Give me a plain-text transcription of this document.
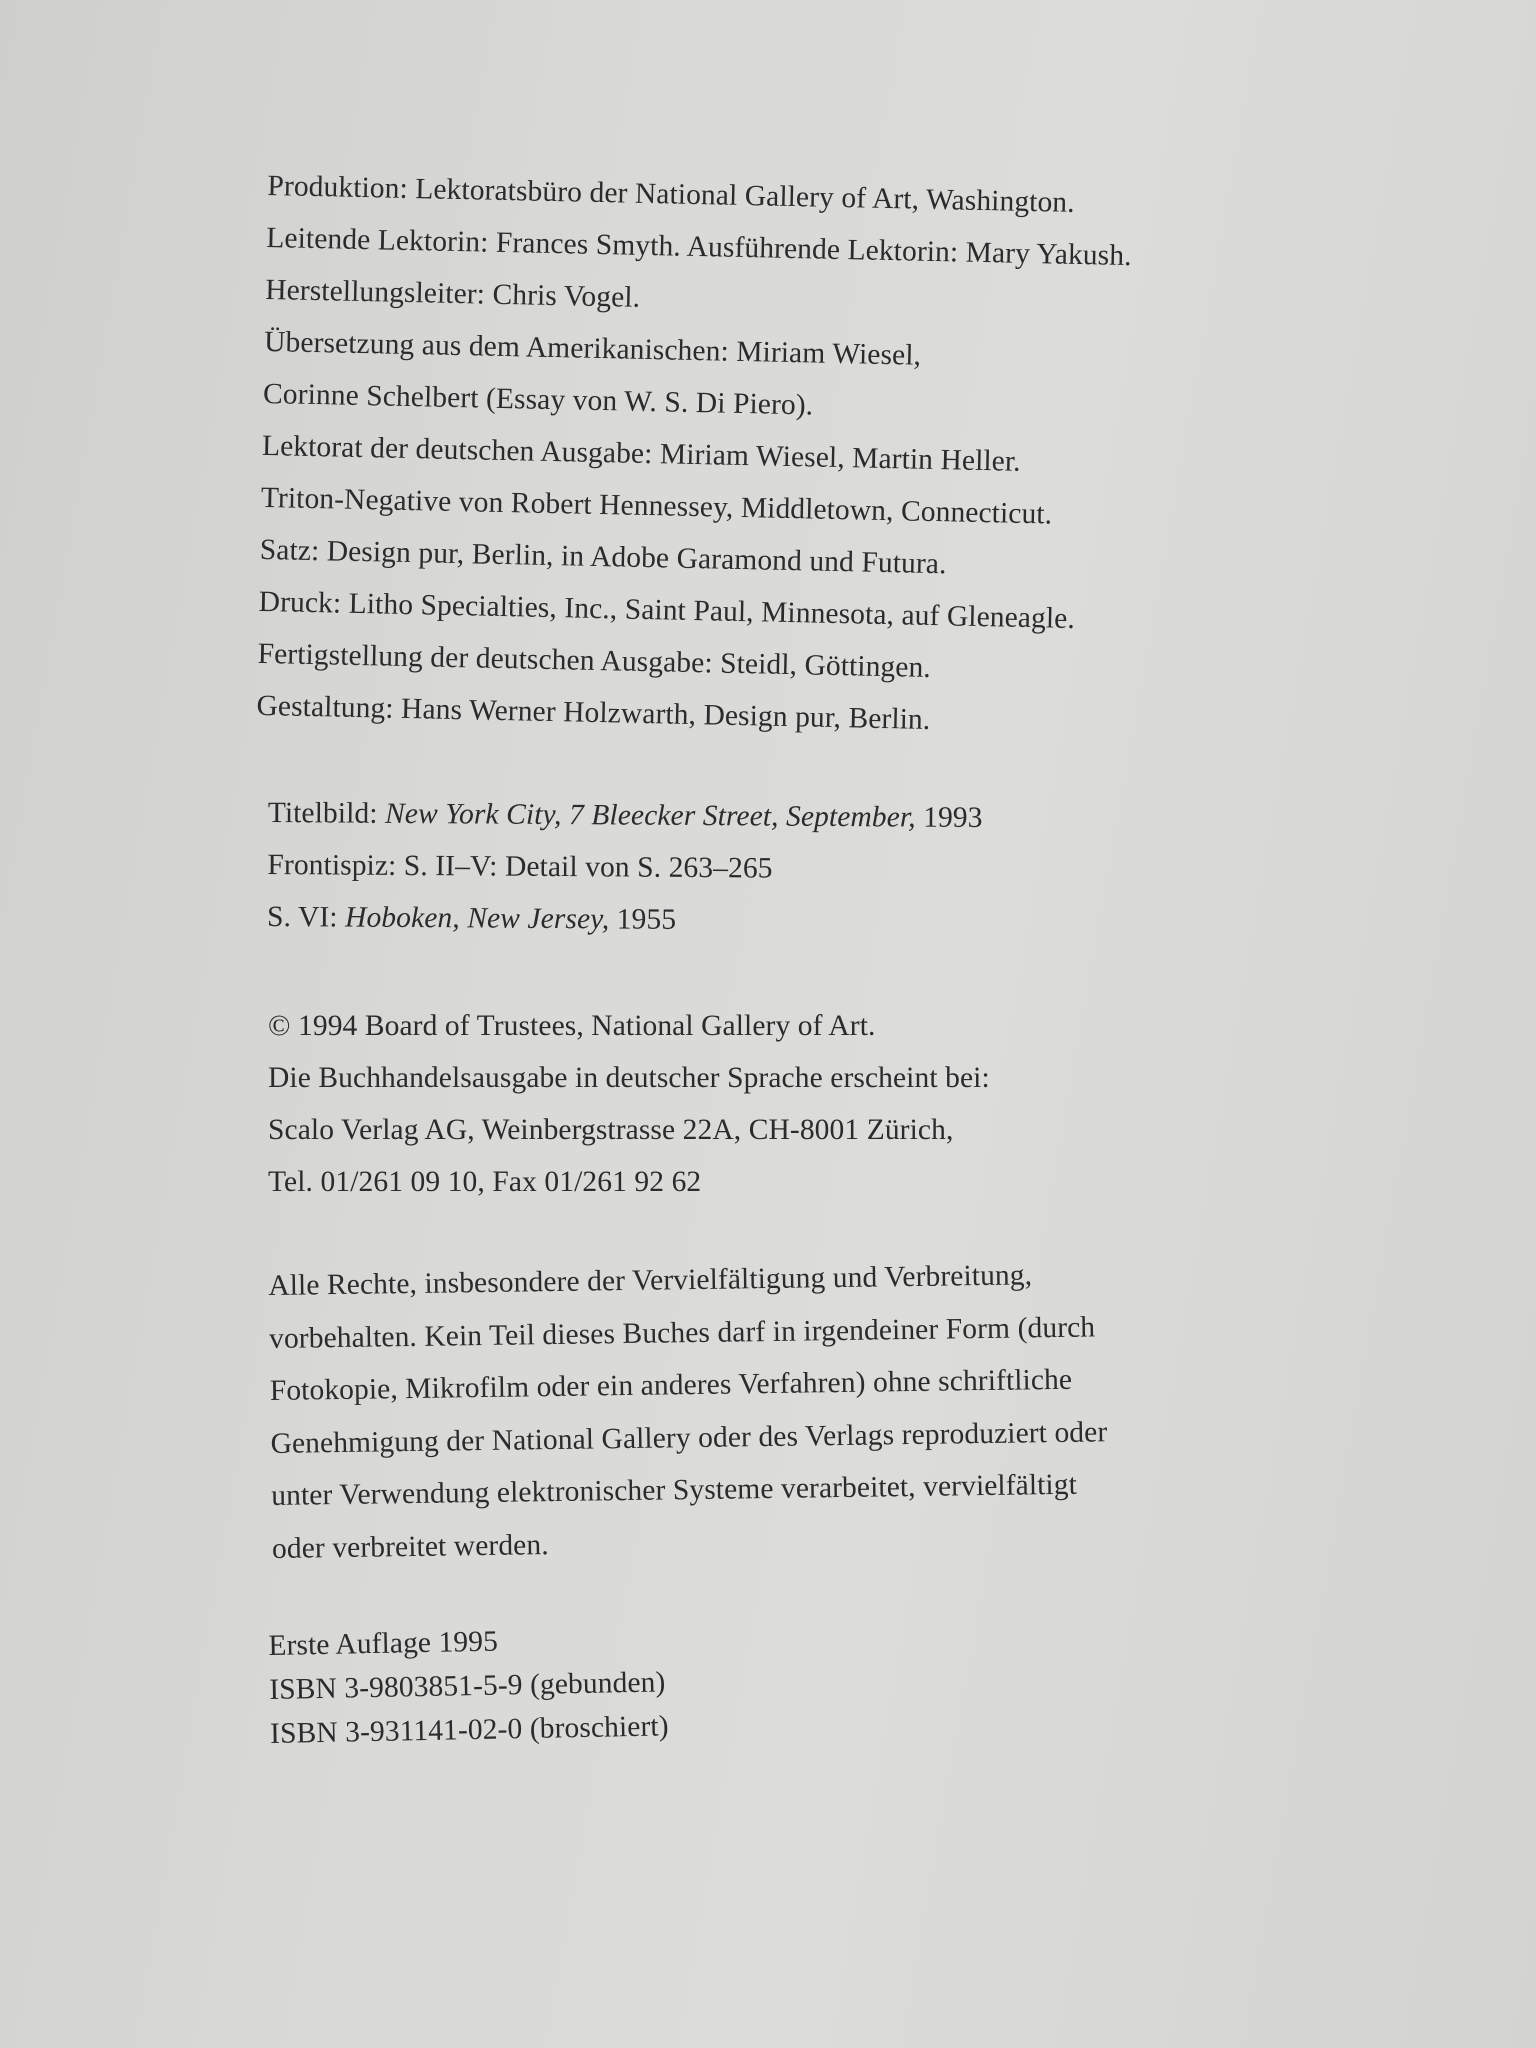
Produktion: Lektoratsbüro der National Gallery of Art, Washington.
Leitende Lektorin: Frances Smyth. Ausführende Lektorin: Mary Yakush.
Herstellungsleiter: Chris Vogel.
Übersetzung aus dem Amerikanischen: Miriam Wiesel,
Corinne Schelbert (Essay von W. S. Di Piero).
Lektorat der deutschen Ausgabe: Miriam Wiesel, Martin Heller.
Triton-Negative von Robert Hennessey, Middletown, Connecticut.
Satz: Design pur, Berlin, in Adobe Garamond und Futura.
Druck: Litho Specialties, Inc., Saint Paul, Minnesota, auf Gleneagle.
Fertigstellung der deutschen Ausgabe: Steidl, Göttingen.
Gestaltung: Hans Werner Holzwarth, Design pur, Berlin.
Titelbild: New York City, 7 Bleecker Street, September, 1993
Frontispiz: S. II–V: Detail von S. 263–265
S. VI: Hoboken, New Jersey, 1955
© 1994 Board of Trustees, National Gallery of Art.
Die Buchhandelsausgabe in deutscher Sprache erscheint bei:
Scalo Verlag AG, Weinbergstrasse 22A, CH-8001 Zürich,
Tel. 01/261 09 10, Fax 01/261 92 62
Alle Rechte, insbesondere der Vervielfältigung und Verbreitung,
vorbehalten. Kein Teil dieses Buches darf in irgendeiner Form (durch
Fotokopie, Mikrofilm oder ein anderes Verfahren) ohne schriftliche
Genehmigung der National Gallery oder des Verlags reproduziert oder
unter Verwendung elektronischer Systeme verarbeitet, vervielfältigt
oder verbreitet werden.
Erste Auflage 1995
ISBN 3-9803851-5-9 (gebunden)
ISBN 3-931141-02-0 (broschiert)
